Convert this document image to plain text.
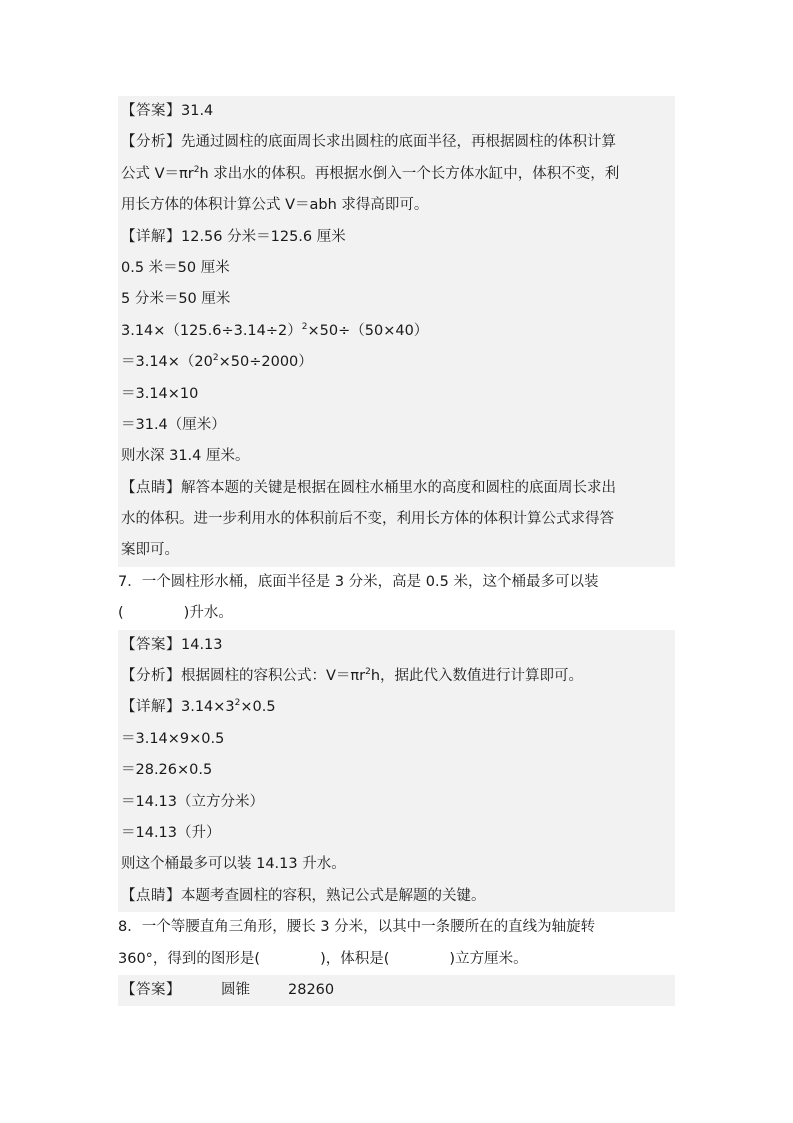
【答案】31.4
【分析】先通过圆柱的底面周长求出圆柱的底面半径，再根据圆柱的体积计算
公式 $V=\pi r^2h$ 求出水的体积。再根据水倒入一个长方体水缸中，体积不变，利
用长方体的体积计算公式 V＝abh 求得高即可。
【详解】12.56 分米＝125.6 厘米
0.5 米＝50 厘米
5 分米＝50 厘米
$3.14\times(125.6\div 3.14\div 2)^2\times 50\div(50\times 40)$
$=3.14\times(20^2\times 50\div 2000)$
＝3.14×10
＝31.4（厘米）
则水深 31.4 厘米。
【点睛】解答本题的关键是根据在圆柱水桶里水的高度和圆柱的底面周长求出
水的体积。进一步利用水的体积前后不变，利用长方体的体积计算公式求得答
案即可。
7．一个圆柱形水桶，底面半径是 3 分米，高是 0.5 米，这个桶最多可以装
(	)升水。
【答案】14.13
【分析】根据圆柱的容积公式：$V=\pi r^2h$，据此代入数值进行计算即可。
【详解】$3.14\times 3^2\times 0.5$
＝3.14×9×0.5
＝28.26×0.5
＝14.13（立方分米）
＝14.13（升）
则这个桶最多可以装 14.13 升水。
【点睛】本题考查圆柱的容积，熟记公式是解题的关键。
8．一个等腰直角三角形，腰长 3 分米，以其中一条腰所在的直线为轴旋转
360°，得到的图形是(	)，体积是(	)立方厘米。
【答案】	圆锥	28260
